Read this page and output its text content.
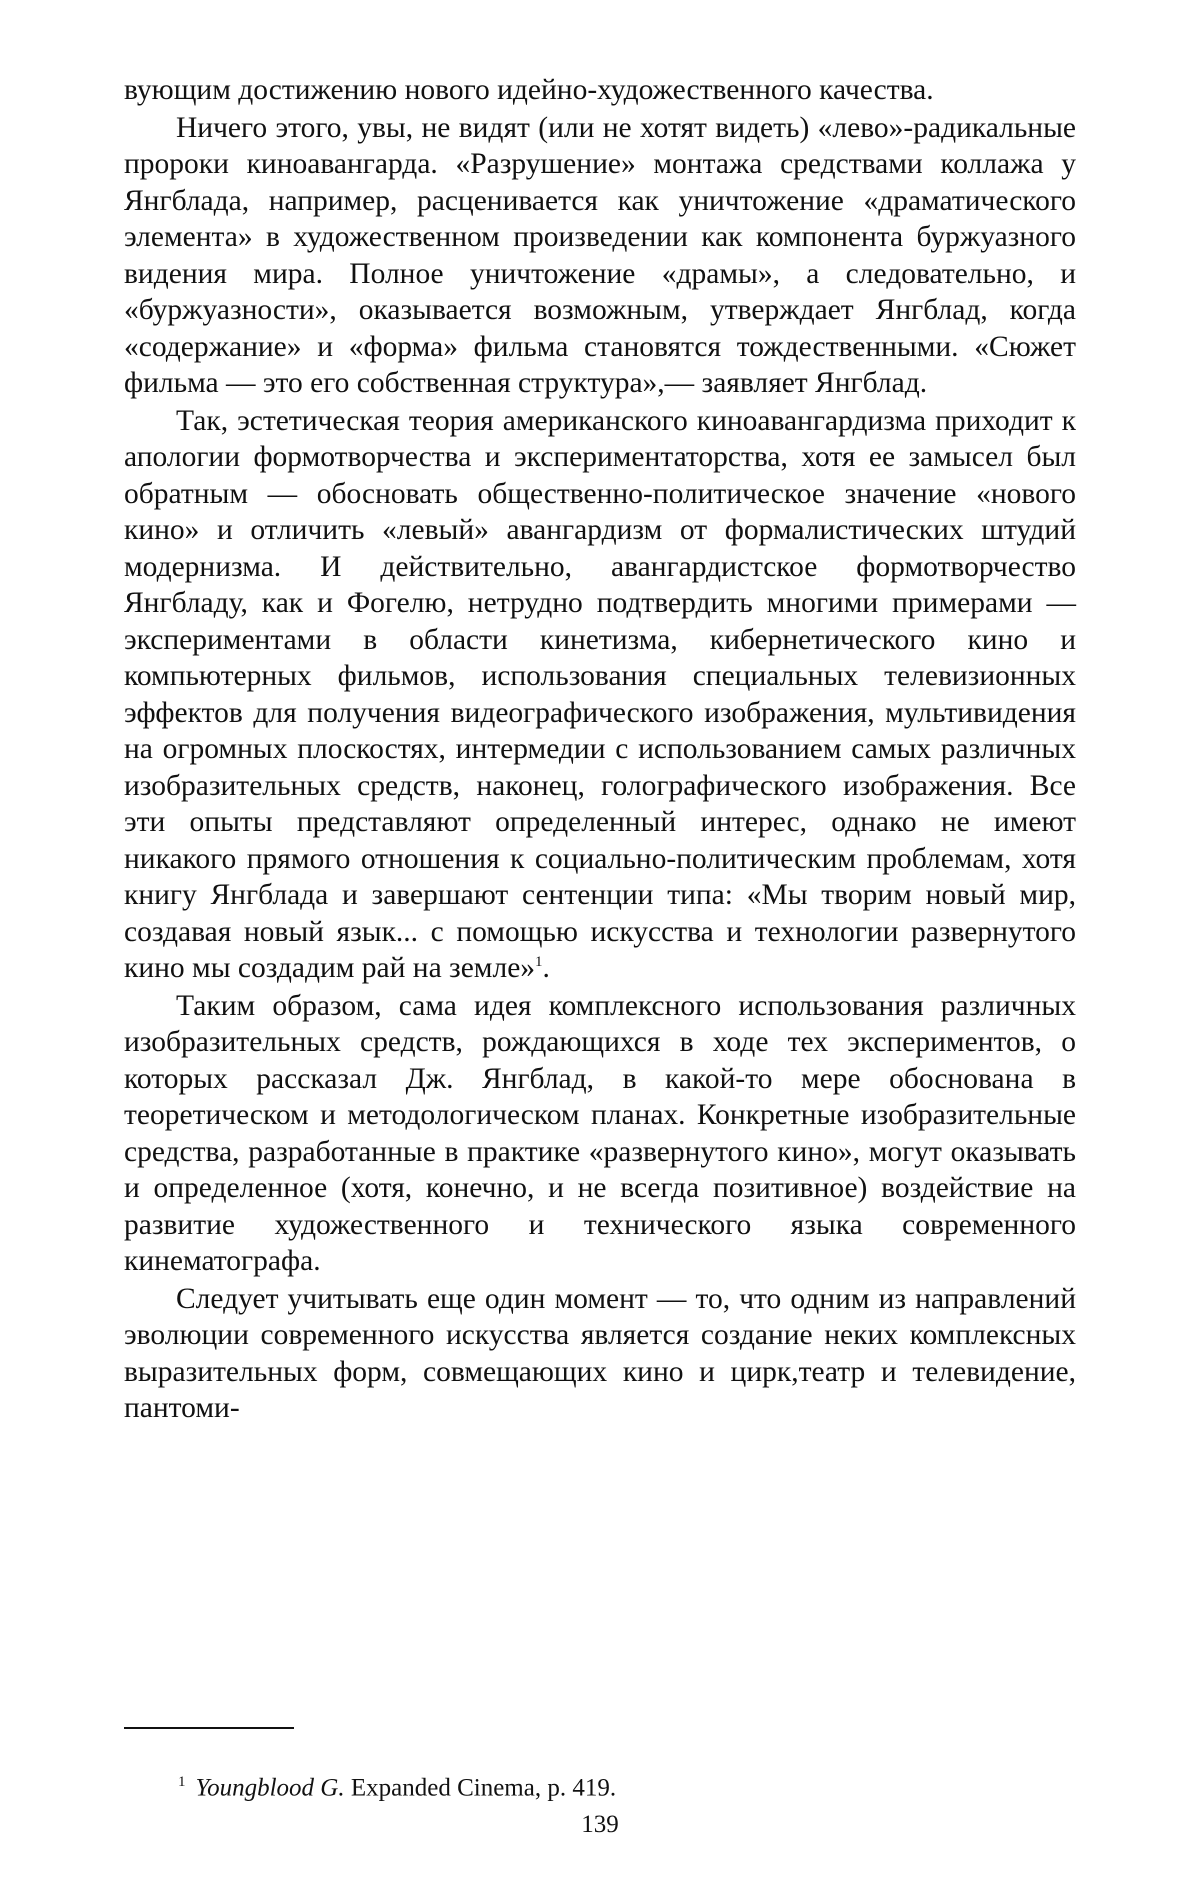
вующим достижению нового идейно-художественного качества.

Ничего этого, увы, не видят (или не хотят видеть) «лево»-радикальные пророки киноавангарда. «Разрушение» монтажа средствами коллажа у Янгблада, например, расценивается как уничтожение «драматического элемента» в художественном произведении как компонента буржуазного видения мира. Полное уничтожение «драмы», а следовательно, и «буржуазности», оказывается возможным, утверждает Янгблад, когда «содержание» и «форма» фильма становятся тождественными. «Сюжет фильма — это его собственная структура»,— заявляет Янгблад.

Так, эстетическая теория американского киноавангардизма приходит к апологии формотворчества и экспериментаторства, хотя ее замысел был обратным — обосновать общественно-политическое значение «нового кино» и отличить «левый» авангардизм от формалистических штудий модернизма. И действительно, авангардистское формотворчество Янгбладу, как и Фогелю, нетрудно подтвердить многими примерами — экспериментами в области кинетизма, кибернетического кино и компьютерных фильмов, использования специальных телевизионных эффектов для получения видеографического изображения, мультивидения на огромных плоскостях, интермедии с использованием самых различных изобразительных средств, наконец, голографического изображения. Все эти опыты представляют определенный интерес, однако не имеют никакого прямого отношения к социально-политическим проблемам, хотя книгу Янгблада и завершают сентенции типа: «Мы творим новый мир, создавая новый язык... с помощью искусства и технологии развернутого кино мы создадим рай на земле»$^1$.

Таким образом, сама идея комплексного использования различных изобразительных средств, рождающихся в ходе тех экспериментов, о которых рассказал Дж. Янгблад, в какой-то мере обоснована в теоретическом и методологическом планах. Конкретные изобразительные средства, разработанные в практике «развернутого кино», могут оказывать и определенное (хотя, конечно, и не всегда позитивное) воздействие на развитие художественного и технического языка современного кинематографа.

Следует учитывать еще один момент — то, что одним из направлений эволюции современного искусства является создание неких комплексных выразительных форм, совмещающих кино и цирк,театр и телевидение, пантоми-

$^1$ Youngblood G. Expanded Cinema, p. 419.
139
